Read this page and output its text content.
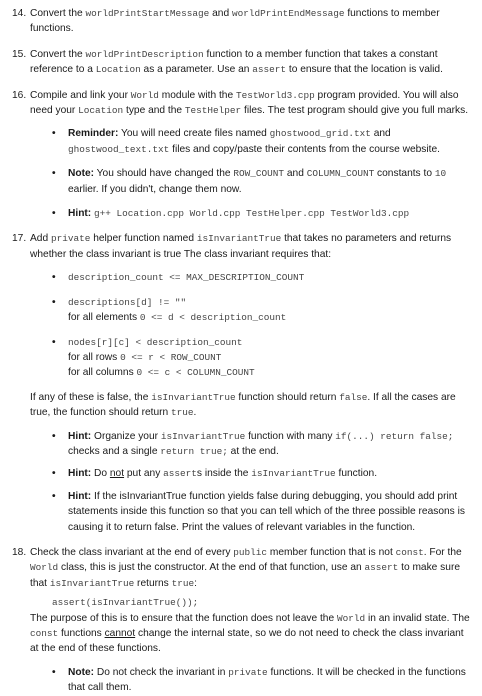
14. Convert the worldPrintStartMessage and worldPrintEndMessage functions to member functions.
15. Convert the worldPrintDescription function to a member function that takes a constant reference to a Location as a parameter. Use an assert to ensure that the location is valid.
16. Compile and link your World module with the TestWorld3.cpp program provided. You will also need your Location type and the TestHelper files. The test program should give you full marks.
• Reminder: You will need create files named ghostwood_grid.txt and ghostwood_text.txt files and copy/paste their contents from the course website.
• Note: You should have changed the ROW_COUNT and COLUMN_COUNT constants to 10 earlier. If you didn't, change them now.
• Hint: g++ Location.cpp World.cpp TestHelper.cpp TestWorld3.cpp
17. Add private helper function named isInvariantTrue that takes no parameters and returns whether the class invariant is true The class invariant requires that:
• description_count <= MAX_DESCRIPTION_COUNT
• descriptions[d] != ""
for all elements 0 <= d < description_count
• nodes[r][c] < description_count
for all rows 0 <= r < ROW_COUNT
for all columns 0 <= c < COLUMN_COUNT
If any of these is false, the isInvariantTrue function should return false. If all the cases are true, the function should return true.
• Hint: Organize your isInvariantTrue function with many if(...) return false; checks and a single return true; at the end.
• Hint: Do not put any asserts inside the isInvariantTrue function.
• Hint: If the isInvariantTrue function yields false during debugging, you should add print statements inside this function so that you can tell which of the three possible reasons is causing it to return false. Print the values of relevant variables in the function.
18. Check the class invariant at the end of every public member function that is not const. For the World class, this is just the constructor. At the end of that function, use an assert to make sure that isInvariantTrue returns true:
assert(isInvariantTrue());
The purpose of this is to ensure that the function does not leave the World in an invalid state. The const functions cannot change the internal state, so we do not need to check the class invariant at the end of these functions.
• Note: Do not check the invariant in private functions. It will be checked in the functions that call them.
